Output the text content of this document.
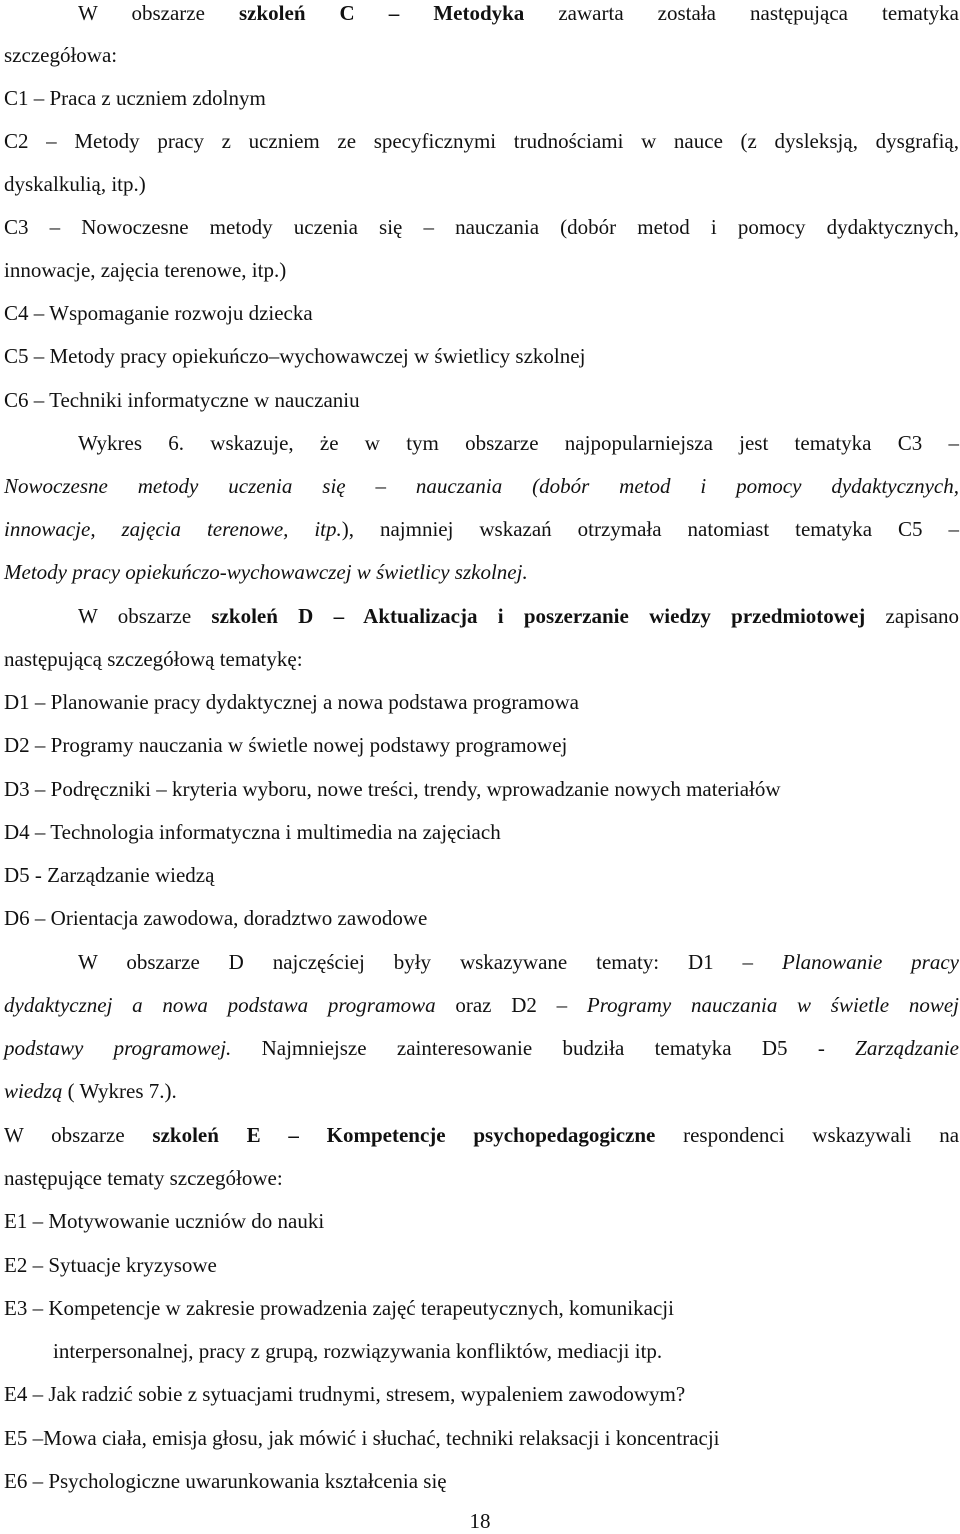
W obszarze szkoleń C – Metodyka zawarta została następująca tematyka
szczegółowa:
C1 – Praca z uczniem zdolnym
C2 – Metody pracy z uczniem ze specyficznymi trudnościami w nauce (z dysleksją, dysgrafią,
dyskalkulią, itp.)
C3 – Nowoczesne metody uczenia się – nauczania (dobór metod i pomocy dydaktycznych,
innowacje, zajęcia terenowe, itp.)
C4 – Wspomaganie rozwoju dziecka
C5 – Metody pracy opiekuńczo–wychowawczej w świetlicy szkolnej
C6 – Techniki informatyczne w nauczaniu
Wykres 6. wskazuje, że w tym obszarze najpopularniejsza jest tematyka C3 –
Nowoczesne metody uczenia się – nauczania (dobór metod i pomocy dydaktycznych,
innowacje, zajęcia terenowe, itp.), najmniej wskazań otrzymała natomiast tematyka C5 –
Metody pracy opiekuńczo-wychowawczej w świetlicy szkolnej.
W obszarze szkoleń D – Aktualizacja i poszerzanie wiedzy przedmiotowej zapisano
następującą szczegółową tematykę:
D1 – Planowanie pracy dydaktycznej a nowa podstawa programowa
D2 – Programy nauczania w świetle nowej podstawy programowej
D3 – Podręczniki – kryteria wyboru, nowe treści, trendy, wprowadzanie nowych materiałów
D4 – Technologia informatyczna i multimedia na zajęciach
D5 - Zarządzanie wiedzą
D6 – Orientacja zawodowa, doradztwo zawodowe
W obszarze D najczęściej były wskazywane tematy: D1 – Planowanie pracy
dydaktycznej a nowa podstawa programowa oraz D2 – Programy nauczania w świetle nowej
podstawy programowej. Najmniejsze zainteresowanie budziła tematyka D5 - Zarządzanie
wiedzą ( Wykres 7.).
W obszarze szkoleń E – Kompetencje psychopedagogiczne respondenci wskazywali na
następujące tematy szczegółowe:
E1 – Motywowanie uczniów do nauki
E2 – Sytuacje kryzysowe
E3 – Kompetencje w zakresie prowadzenia zajęć terapeutycznych, komunikacji
interpersonalnej, pracy z grupą, rozwiązywania konfliktów, mediacji itp.
E4 – Jak radzić sobie z sytuacjami trudnymi, stresem, wypaleniem zawodowym?
E5 –Mowa ciała, emisja głosu, jak mówić i słuchać, techniki relaksacji i koncentracji
E6 – Psychologiczne uwarunkowania kształcenia się
18
